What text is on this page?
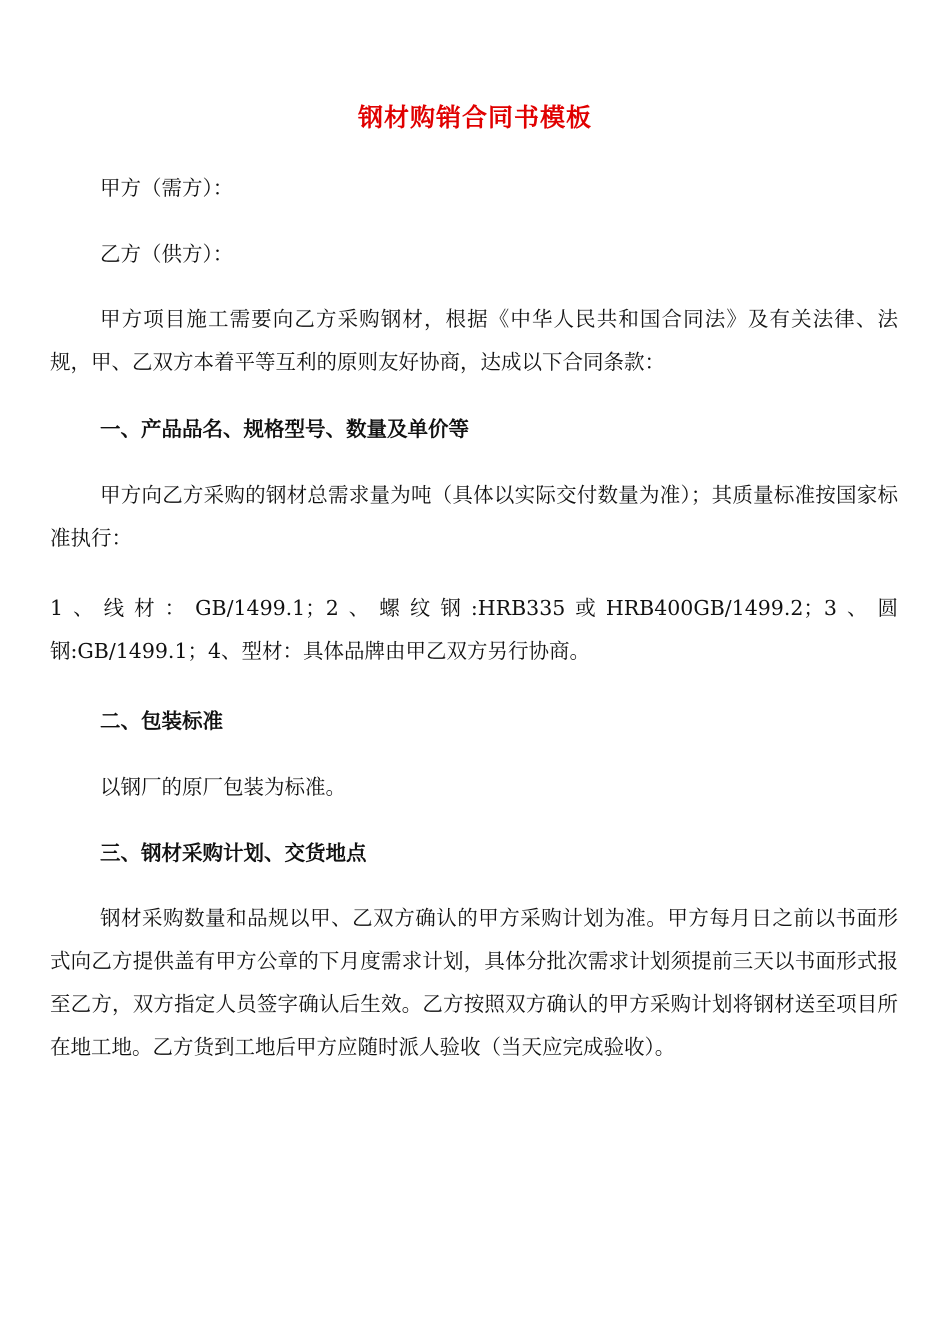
钢材购销合同书模板
甲方（需方）：
乙方（供方）：
甲方项目施工需要向乙方采购钢材，根据《中华人民共和国合同法》及有关法律、法规，甲、乙双方本着平等互利的原则友好协商，达成以下合同条款：
一、产品品名、规格型号、数量及单价等
甲方向乙方采购的钢材总需求量为吨（具体以实际交付数量为准）；其质量标准按国家标准执行：
1、线材：GB/1499.1；2、螺纹钢:HRB335或HRB400GB/1499.2；3、圆钢:GB/1499.1；4、型材：具体品牌由甲乙双方另行协商。
二、包装标准
以钢厂的原厂包装为标准。
三、钢材采购计划、交货地点
钢材采购数量和品规以甲、乙双方确认的甲方采购计划为准。甲方每月日之前以书面形式向乙方提供盖有甲方公章的下月度需求计划，具体分批次需求计划须提前三天以书面形式报至乙方，双方指定人员签字确认后生效。乙方按照双方确认的甲方采购计划将钢材送至项目所在地工地。乙方货到工地后甲方应随时派人验收（当天应完成验收）。
